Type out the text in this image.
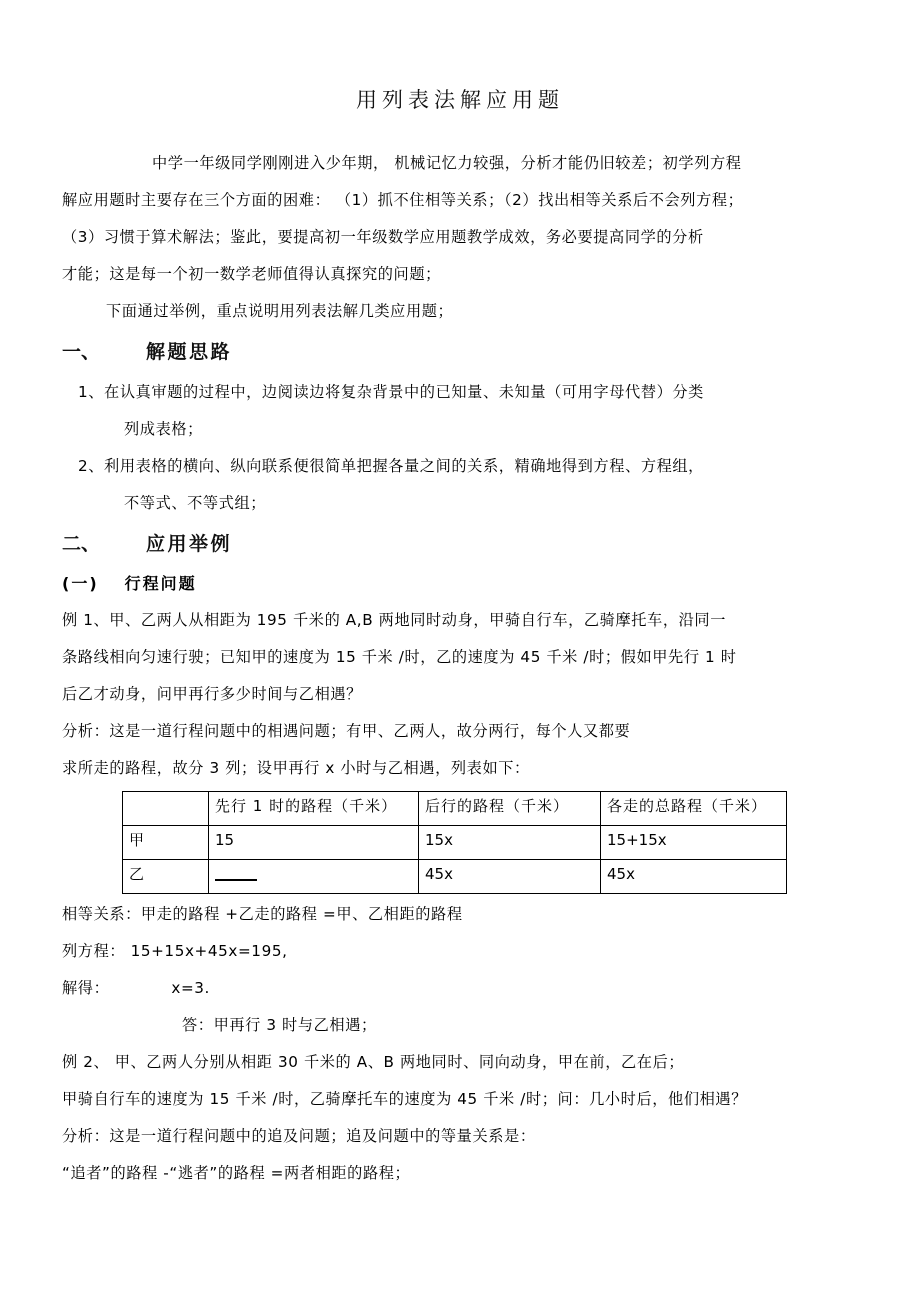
用列表法解应用题

中学一年级同学刚刚进入少年期， 机械记忆力较强，分析才能仍旧较差；初学列方程

解应用题时主要存在三个方面的困难： （1）抓不住相等关系；（2）找出相等关系后不会列方程；

（3）习惯于算术解法；鉴此，要提高初一年级数学应用题教学成效，务必要提高同学的分析

才能；这是每一个初一数学老师值得认真探究的问题；

下面通过举例，重点说明用列表法解几类应用题；

一、 解题思路

1、在认真审题的过程中，边阅读边将复杂背景中的已知量、未知量（可用字母代替）分类

列成表格；

2、利用表格的横向、纵向联系便很简单把握各量之间的关系，精确地得到方程、方程组，

不等式、不等式组；

二、 应用举例
(一) 行程问题

例 1、甲、乙两人从相距为 195 千米的 A,B 两地同时动身，甲骑自行车，乙骑摩托车，沿同一

条路线相向匀速行驶；已知甲的速度为 15 千米 /时，乙的速度为 45 千米 /时；假如甲先行 1 时

后乙才动身，问甲再行多少时间与乙相遇？

分析：这是一道行程问题中的相遇问题；有甲、乙两人，故分两行，每个人又都要

求所走的路程，故分 3 列；设甲再行 x 小时与乙相遇，列表如下：

	先行 1 时的路程（千米）	后行的路程（千米）	各走的总路程（千米）
甲	15	15x	15+15x
乙		45x	45x

相等关系：甲走的路程 +乙走的路程 =甲、乙相距的路程

列方程： 15+15x+45x=195,

解得：	x=3.

答：甲再行 3 时与乙相遇；

例 2、 甲、乙两人分别从相距 30 千米的 A、B 两地同时、同向动身，甲在前，乙在后；

甲骑自行车的速度为 15 千米 /时，乙骑摩托车的速度为 45 千米 /时；问：几小时后，他们相遇？

分析：这是一道行程问题中的追及问题；追及问题中的等量关系是：

“追者”的路程 -“逃者”的路程 =两者相距的路程；
